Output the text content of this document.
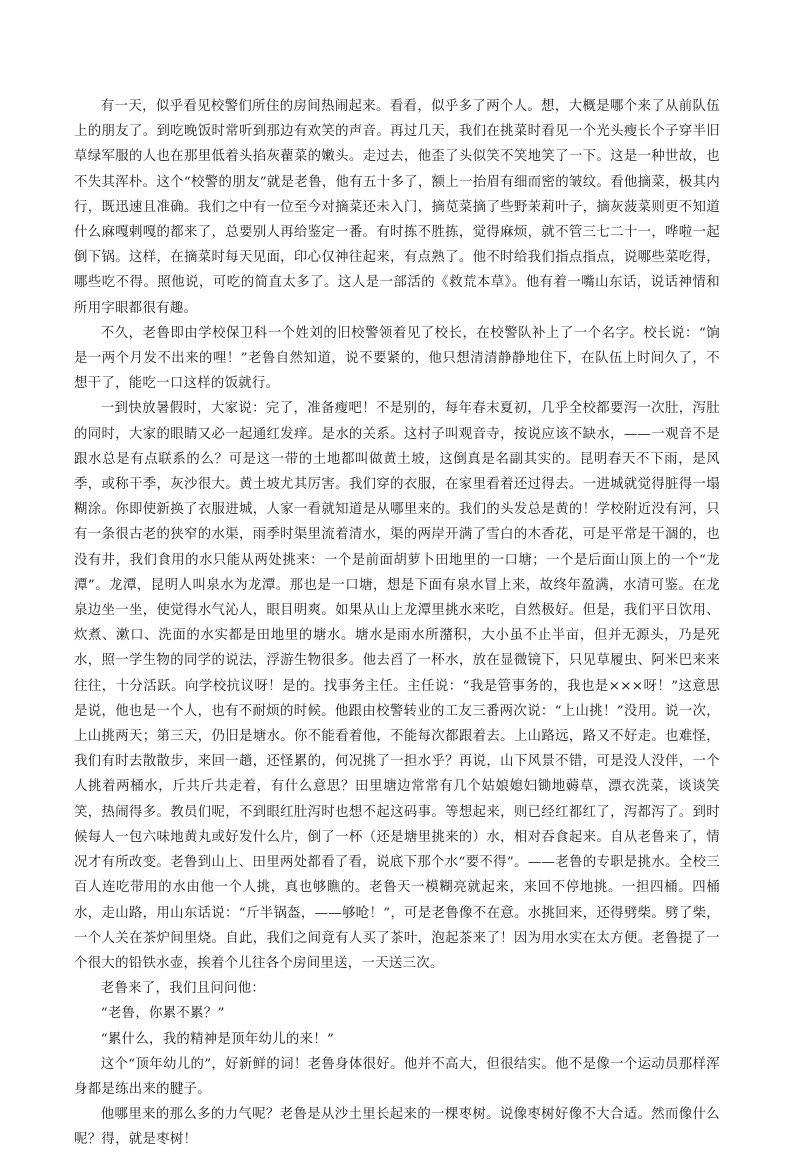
有一天，似乎看见校警们所住的房间热闹起来。看看，似乎多了两个人。想，大概是哪个来了从前队伍上的朋友了。到吃晚饭时常听到那边有欢笑的声音。再过几天，我们在挑菜时看见一个光头瘦长个子穿半旧草绿军服的人也在那里低着头掐灰藋菜的嫩头。走过去，他歪了头似笑不笑地笑了一下。这是一种世故，也不失其浑朴。这个“校警的朋友”就是老鲁，他有五十多了，额上一抬眉有细而密的皱纹。看他摘菜，极其内行，既迅速且准确。我们之中有一位至今对摘菜还未入门，摘苋菜摘了些野茉莉叶子，摘灰菠菜则更不知道什么麻嘎剌嘎的都来了，总要别人再给鉴定一番。有时拣不胜拣，觉得麻烦，就不管三七二十一，哗啦一起倒下锅。这样，在摘菜时每天见面，印心仅神往起来，有点熟了。他不时给我们指点指点，说哪些菜吃得，哪些吃不得。照他说，可吃的简直太多了。这人是一部活的《救荒本草》。他有着一嘴山东话，说话神情和所用字眼都很有趣。

不久，老鲁即由学校保卫科一个姓刘的旧校警领着见了校长，在校警队补上了一个名字。校长说：“饷是一两个月发不出来的哩！”老鲁自然知道，说不要紧的，他只想清清静静地住下，在队伍上时间久了，不想干了，能吃一口这样的饭就行。

一到快放暑假时，大家说：完了，准备瘦吧！不是别的，每年春末夏初，几乎全校都要泻一次肚，泻肚的同时，大家的眼睛又必一起通红发痒。是水的关系。这村子叫观音寺，按说应该不缺水，——一观音不是跟水总是有点联系的么？可是这一带的土地都叫做黄土坡，这倒真是名副其实的。昆明春天不下雨，是风季，或称干季，灰沙很大。黄土坡尤其厉害。我们穿的衣服，在家里看着还过得去。一进城就觉得脏得一塌糊涂。你即使新换了衣服进城，人家一看就知道是从哪里来的。我们的头发总是黄的！学校附近没有河，只有一条很古老的狭窄的水渠，雨季时渠里流着清水，渠的两岸开满了雪白的木香花，可是平常是干涸的，也没有井，我们食用的水只能从两处挑来：一个是前面胡萝卜田地里的一口塘；一个是后面山顶上的一个“龙潭”。龙潭，昆明人叫泉水为龙潭。那也是一口塘，想是下面有泉水冒上来，故终年盈满，水清可鉴。在龙泉边坐一坐，使觉得水气沁人，眼目明爽。如果从山上龙潭里挑水来吃，自然极好。但是，我们平日饮用、炊煮、漱口、洗面的水实都是田地里的塘水。塘水是雨水所潴积，大小虽不止半亩，但并无源头，乃是死水，照一学生物的同学的说法，浮游生物很多。他去舀了一杯水，放在显微镜下，只见草履虫、阿米巴来来往往，十分活跃。向学校抗议呀！是的。找事务主任。主任说：“我是管事务的，我也是×××呀！”这意思是说，他也是一个人，也有不耐烦的时候。他跟由校警转业的工友三番两次说：“上山挑！”没用。说一次，上山挑两天；第三天，仍旧是塘水。你不能看着他，不能每次都跟着去。上山路远，路又不好走。也难怪，我们有时去散散步，来回一趟，还怪累的，何况挑了一担水乎？再说，山下风景不错，可是没人没伴，一个人挑着两桶水，斤共斤共走着，有什么意思？田里塘边常常有几个姑娘媳妇锄地薅草，漂衣洗菜，谈谈笑笑，热闹得多。教员们呢，不到眼红肚泻时也想不起这码事。等想起来，则已经红都红了，泻都泻了。到时候每人一包六味地黄丸或好发什么片，倒了一杯（还是塘里挑来的）水，相对吞食起来。自从老鲁来了，情况才有所改变。老鲁到山上、田里两处都看了看，说底下那个水“要不得”。——老鲁的专职是挑水。全校三百人连吃带用的水由他一个人挑，真也够瞧的。老鲁天一模糊亮就起来，来回不停地挑。一担四桶。四桶水，走山路，用山东话说：“斤半锅盔，——够呛！”，可是老鲁像不在意。水挑回来，还得劈柴。劈了柴，一个人关在茶炉间里烧。自此，我们之间竟有人买了茶叶，泡起茶来了！因为用水实在太方便。老鲁提了一个很大的铅铁水壶，挨着个儿往各个房间里送，一天送三次。

老鲁来了，我们且问问他：

“老鲁，你累不累？”

“累什么，我的精神是顶年幼儿的来！”

这个“顶年幼儿的”，好新鲜的词！老鲁身体很好。他并不高大，但很结实。他不是像一个运动员那样浑身都是练出来的腱子。

他哪里来的那么多的力气呢？老鲁是从沙土里长起来的一棵枣树。说像枣树好像不大合适。然而像什么呢？得，就是枣树！
